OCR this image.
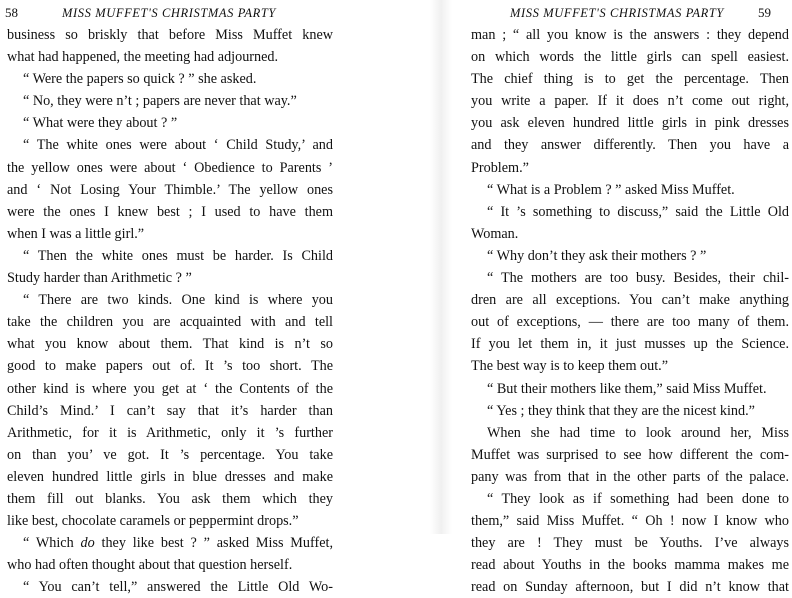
58	MISS MUFFET'S CHRISTMAS PARTY
business so briskly that before Miss Muffet knew
what had happened, the meeting had adjourned.
“ Were the papers so quick ? ” she asked.
“ No, they were n’t ; papers are never that way.”
“ What were they about ? ”
“ The white ones were about ‘ Child Study,’ and
the yellow ones were about ‘ Obedience to Parents ’
and ‘ Not Losing Your Thimble.’ The yellow ones
were the ones I knew best ; I used to have them
when I was a little girl.”
“ Then the white ones must be harder. Is Child
Study harder than Arithmetic ? ”
“ There are two kinds. One kind is where you
take the children you are acquainted with and tell
what you know about them. That kind is n’t so
good to make papers out of. It ’s too short. The
other kind is where you get at ‘ the Contents of the
Child’s Mind.’ I can’t say that it’s harder than
Arithmetic, for it is Arithmetic, only it ’s further
on than you’ ve got. It ’s percentage. You take
eleven hundred little girls in blue dresses and make
them fill out blanks. You ask them which they
like best, chocolate caramels or peppermint drops.”
“ Which do they like best ? ” asked Miss Muffet,
who had often thought about that question herself.
“ You can’t tell,” answered the Little Old Wo-
MISS MUFFET'S CHRISTMAS PARTY	59
man ; “ all you know is the answers : they depend
on which words the little girls can spell easiest.
The chief thing is to get the percentage. Then
you write a paper. If it does n’t come out right,
you ask eleven hundred little girls in pink dresses
and they answer differently. Then you have a
Problem.”
“ What is a Problem ? ” asked Miss Muffet.
“ It ’s something to discuss,” said the Little Old
Woman.
“ Why don’t they ask their mothers ? ”
“ The mothers are too busy. Besides, their chil-
dren are all exceptions. You can’t make anything
out of exceptions, — there are too many of them.
If you let them in, it just musses up the Science.
The best way is to keep them out.”
“ But their mothers like them,” said Miss Muffet.
“ Yes ; they think that they are the nicest kind.”
When she had time to look around her, Miss
Muffet was surprised to see how different the com-
pany was from that in the other parts of the palace.
“ They look as if something had been done to
them,” said Miss Muffet. “ Oh ! now I know who
they are ! They must be Youths. I’ve always
read about Youths in the books mamma makes me
read on Sunday afternoon, but I did n’t know that
